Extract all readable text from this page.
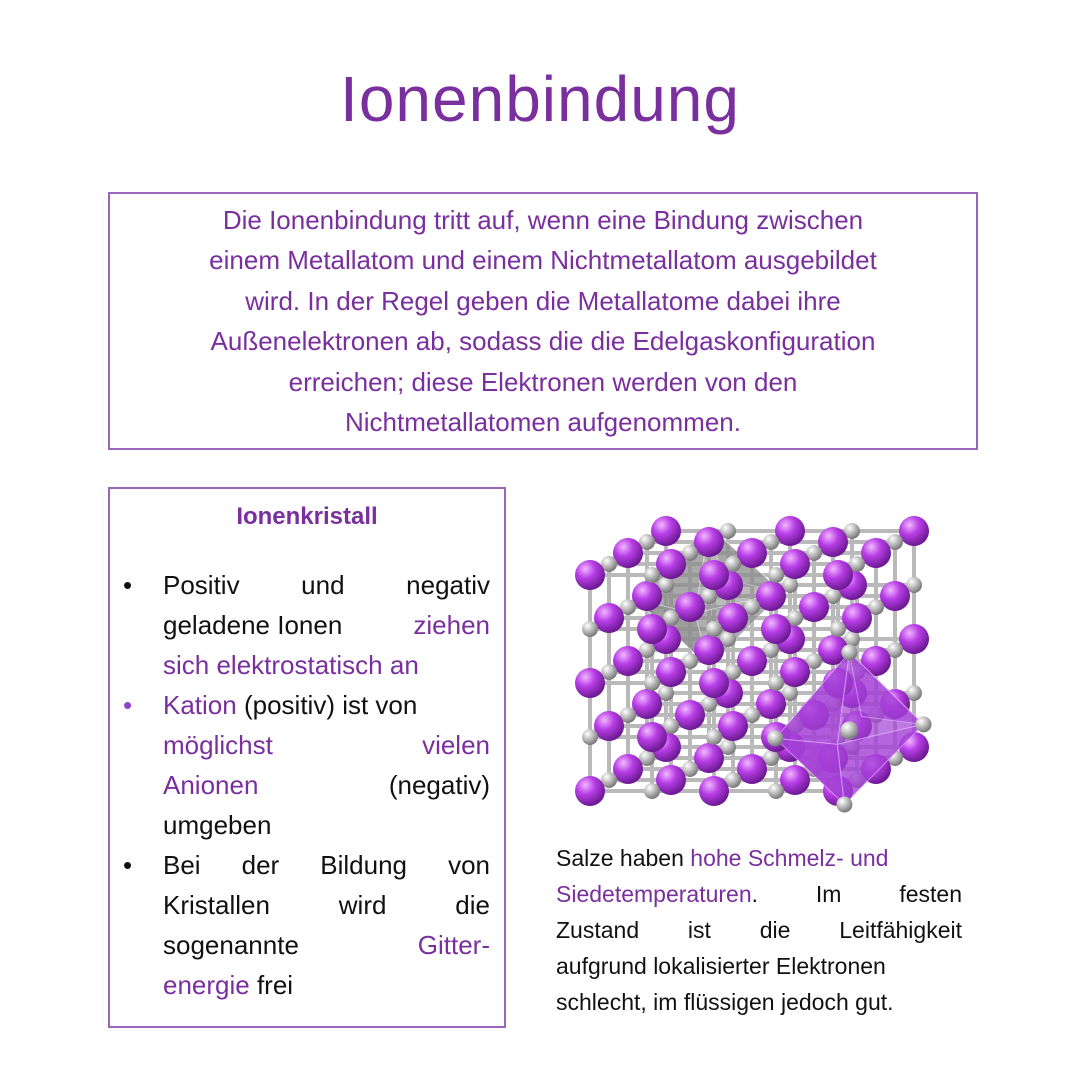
Ionenbindung
Die Ionenbindung tritt auf, wenn eine Bindung zwischen
einem Metallatom und einem Nichtmetallatom ausgebildet
wird. In der Regel geben die Metallatome dabei ihre
Außenelektronen ab, sodass die die Edelgaskonfiguration
erreichen; diese Elektronen werden von den
Nichtmetallatomen aufgenommen.
Ionenkristall
• Positiv und negativ
geladene Ionen	ziehen
sich elektrostatisch an
• Kation (positiv) ist von
möglichst	vielen
Anionen	(negativ)
umgeben
• Bei der Bildung von
Kristallen	wird	die
sogenannte	Gitter-
energie frei
Salze haben hohe Schmelz- und
Siedetemperaturen.	Im	festen
Zustand ist die Leitfähigkeit
aufgrund lokalisierter Elektronen
schlecht, im flüssigen jedoch gut.
